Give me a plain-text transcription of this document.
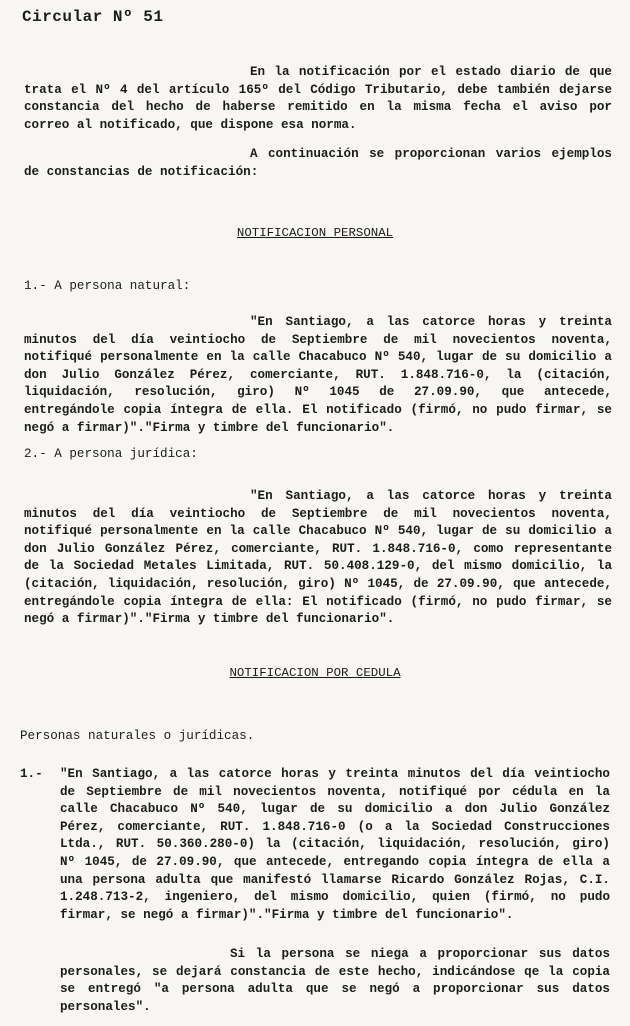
Circular Nº 51
En la notificación por el estado diario de que trata el Nº 4 del artículo 165º del Código Tributario, debe también dejarse constancia del hecho de haberse remitido en la misma fecha el aviso por correo al notificado, que dispone esa norma.
A continuación se proporcionan varios ejemplos de constancias de notificación:
NOTIFICACION PERSONAL
1.- A persona natural:
"En Santiago, a las catorce horas y treinta minutos del día veintiocho de Septiembre de mil novecientos noventa, notifiqué personalmente en la calle Chacabuco Nº 540, lugar de su domicilio a don Julio González Pérez, comerciante, RUT. 1.848.716-0, la (citación, liquidación, resolución, giro) Nº 1045 de 27.09.90, que antecede, entregándole copia íntegra de ella. El notificado (firmó, no pudo firmar, se negó a firmar)"."Firma y timbre del funcionario".
2.- A persona jurídica:
"En Santiago, a las catorce horas y treinta minutos del día veintiocho de Septiembre de mil novecientos noventa, notifiqué personalmente en la calle Chacabuco Nº 540, lugar de su domicilio a don Julio González Pérez, comerciante, RUT. 1.848.716-0, como representante de la Sociedad Metales Limitada, RUT. 50.408.129-0, del mismo domicilio, la (citación, liquidación, resolución, giro) Nº 1045, de 27.09.90, que antecede, entregándole copia íntegra de ella: El notificado (firmó, no pudo firmar, se negó a firmar)"."Firma y timbre del funcionario".
NOTIFICACION POR CEDULA
Personas naturales o jurídicas.
1.- "En Santiago, a las catorce horas y treinta minutos del día veintiocho de Septiembre de mil novecientos noventa, notifiqué por cédula en la calle Chacabuco Nº 540, lugar de su domicilio a don Julio González Pérez, comerciante, RUT. 1.848.716-0 (o a la Sociedad Construcciones Ltda., RUT. 50.360.280-0) la (citación, liquidación, resolución, giro) Nº 1045, de 27.09.90, que antecede, entregando copia íntegra de ella a una persona adulta que manifestó llamarse Ricardo González Rojas, C.I. 1.248.713-2, ingeniero, del mismo domicilio, quien (firmó, no pudo firmar, se negó a firmar)"."Firma y timbre del funcionario".
Si la persona se niega a proporcionar sus datos personales, se dejará constancia de este hecho, indicándose qe la copia se entregó "a persona adulta que se negó a proporcionar sus datos personales".
